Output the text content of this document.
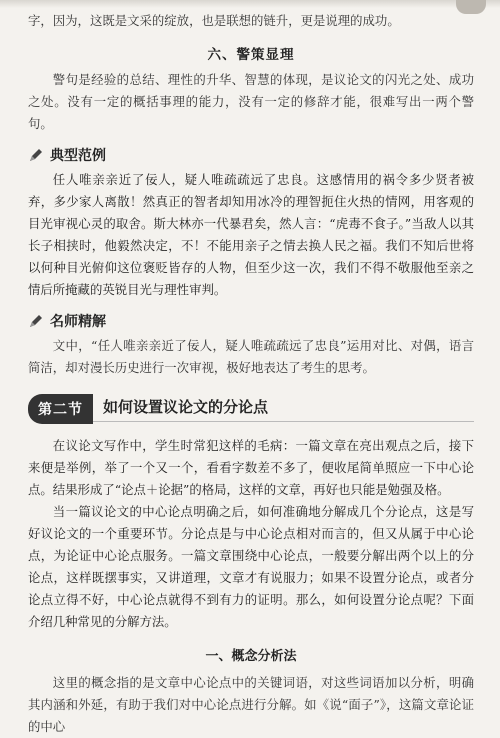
字，因为，这既是文采的绽放，也是联想的链升，更是说理的成功。

六、警策显理

警句是经验的总结、理性的升华、智慧的体现，是议论文的闪光之处、成功之处。没有一定的概括事理的能力，没有一定的修辞才能，很难写出一两个警句。

典型范例

任人唯亲亲近了佞人，疑人唯疏疏远了忠良。这感情用的祸令多少贤者被弃，多少家人离散！然真正的智者却知用冰冷的理智扼住火热的情网，用客观的目光审视心灵的取舍。斯大林亦一代暴君矣，然人言：“虎毒不食子。”当敌人以其长子相挟时，他毅然决定，不！不能用亲子之情去换人民之福。我们不知后世将以何种目光俯仰这位褒贬皆存的人物，但至少这一次，我们不得不敬服他至亲之情后所掩藏的英锐目光与理性审判。

名师精解

文中，“任人唯亲亲近了佞人，疑人唯疏疏远了忠良”运用对比、对偶，语言简洁，却对漫长历史进行一次审视，极好地表达了考生的思考。

第二节	如何设置议论文的分论点

在议论文写作中，学生时常犯这样的毛病：一篇文章在亮出观点之后，接下来便是举例，举了一个又一个，看看字数差不多了，便收尾简单照应一下中心论点。结果形成了“论点＋论据”的格局，这样的文章，再好也只能是勉强及格。

当一篇议论文的中心论点明确之后，如何准确地分解成几个分论点，这是写好议论文的一个重要环节。分论点是与中心论点相对而言的，但又从属于中心论点，为论证中心论点服务。一篇文章围绕中心论点，一般要分解出两个以上的分论点，这样既摆事实，又讲道理，文章才有说服力；如果不设置分论点，或者分论点立得不好，中心论点就得不到有力的证明。那么，如何设置分论点呢？下面介绍几种常见的分解方法。

一、概念分析法

这里的概念指的是文章中心论点中的关键词语，对这些词语加以分析，明确其内涵和外延，有助于我们对中心论点进行分解。如《说“面子”》，这篇文章论证的中心
